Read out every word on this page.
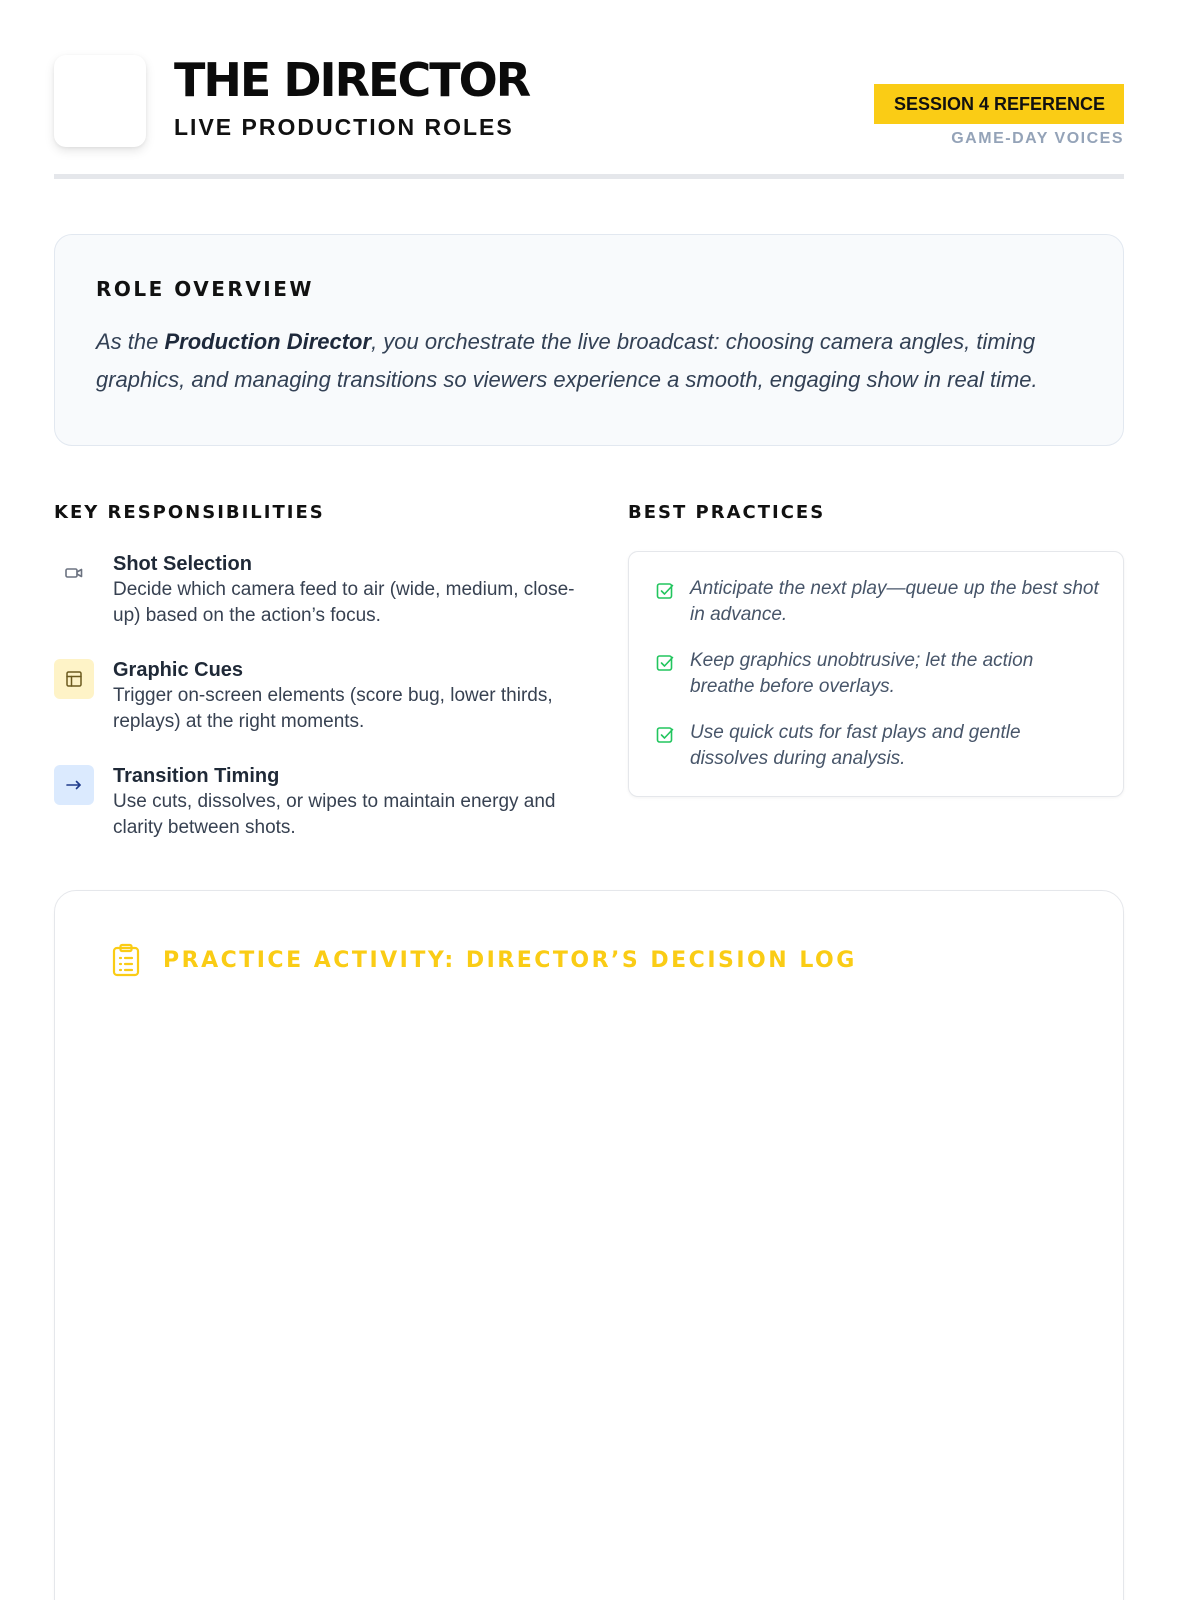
THE DIRECTOR
LIVE PRODUCTION ROLES
SESSION 4 REFERENCE
GAME-DAY VOICES
ROLE OVERVIEW
As the Production Director, you orchestrate the live broadcast: choosing camera angles, timing graphics, and managing transitions so viewers experience a smooth, engaging show in real time.
KEY RESPONSIBILITIES
Shot Selection
Decide which camera feed to air (wide, medium, close-up) based on the action’s focus.
Graphic Cues
Trigger on-screen elements (score bug, lower thirds, replays) at the right moments.
Transition Timing
Use cuts, dissolves, or wipes to maintain energy and clarity between shots.
BEST PRACTICES
Anticipate the next play—queue up the best shot in advance.
Keep graphics unobtrusive; let the action breathe before overlays.
Use quick cuts for fast plays and gentle dissolves during analysis.
PRACTICE ACTIVITY: DIRECTOR’S DECISION LOG
